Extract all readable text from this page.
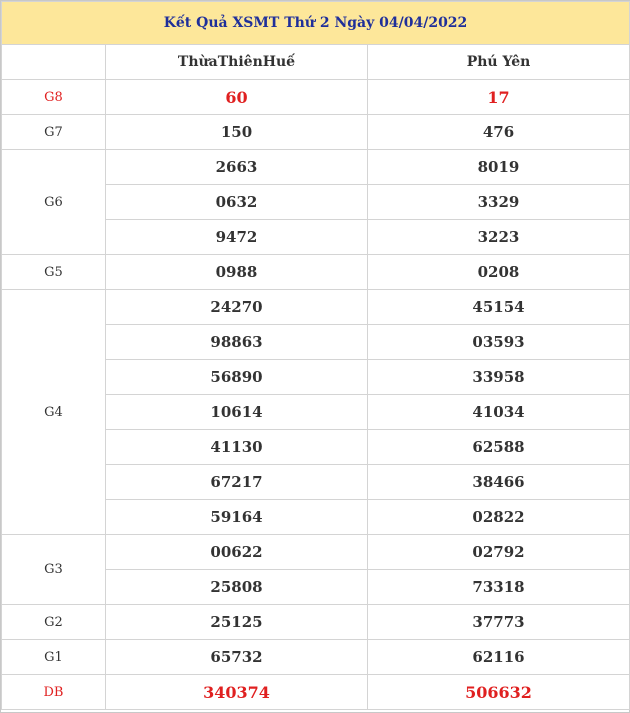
Kết Quả XSMT Thứ 2 Ngày 04/04/2022		
	ThừaThiênHuế	Phú Yên
G8	60	17
G7	150	476
G6	2663	8019
	0632	3329
	9472	3223
G5	0988	0208
G4	24270	45154
	98863	03593
	56890	33958
	10614	41034
	41130	62588
	67217	38466
	59164	02822
G3	00622	02792
	25808	73318
G2	25125	37773
G1	65732	62116
DB	340374	506632
